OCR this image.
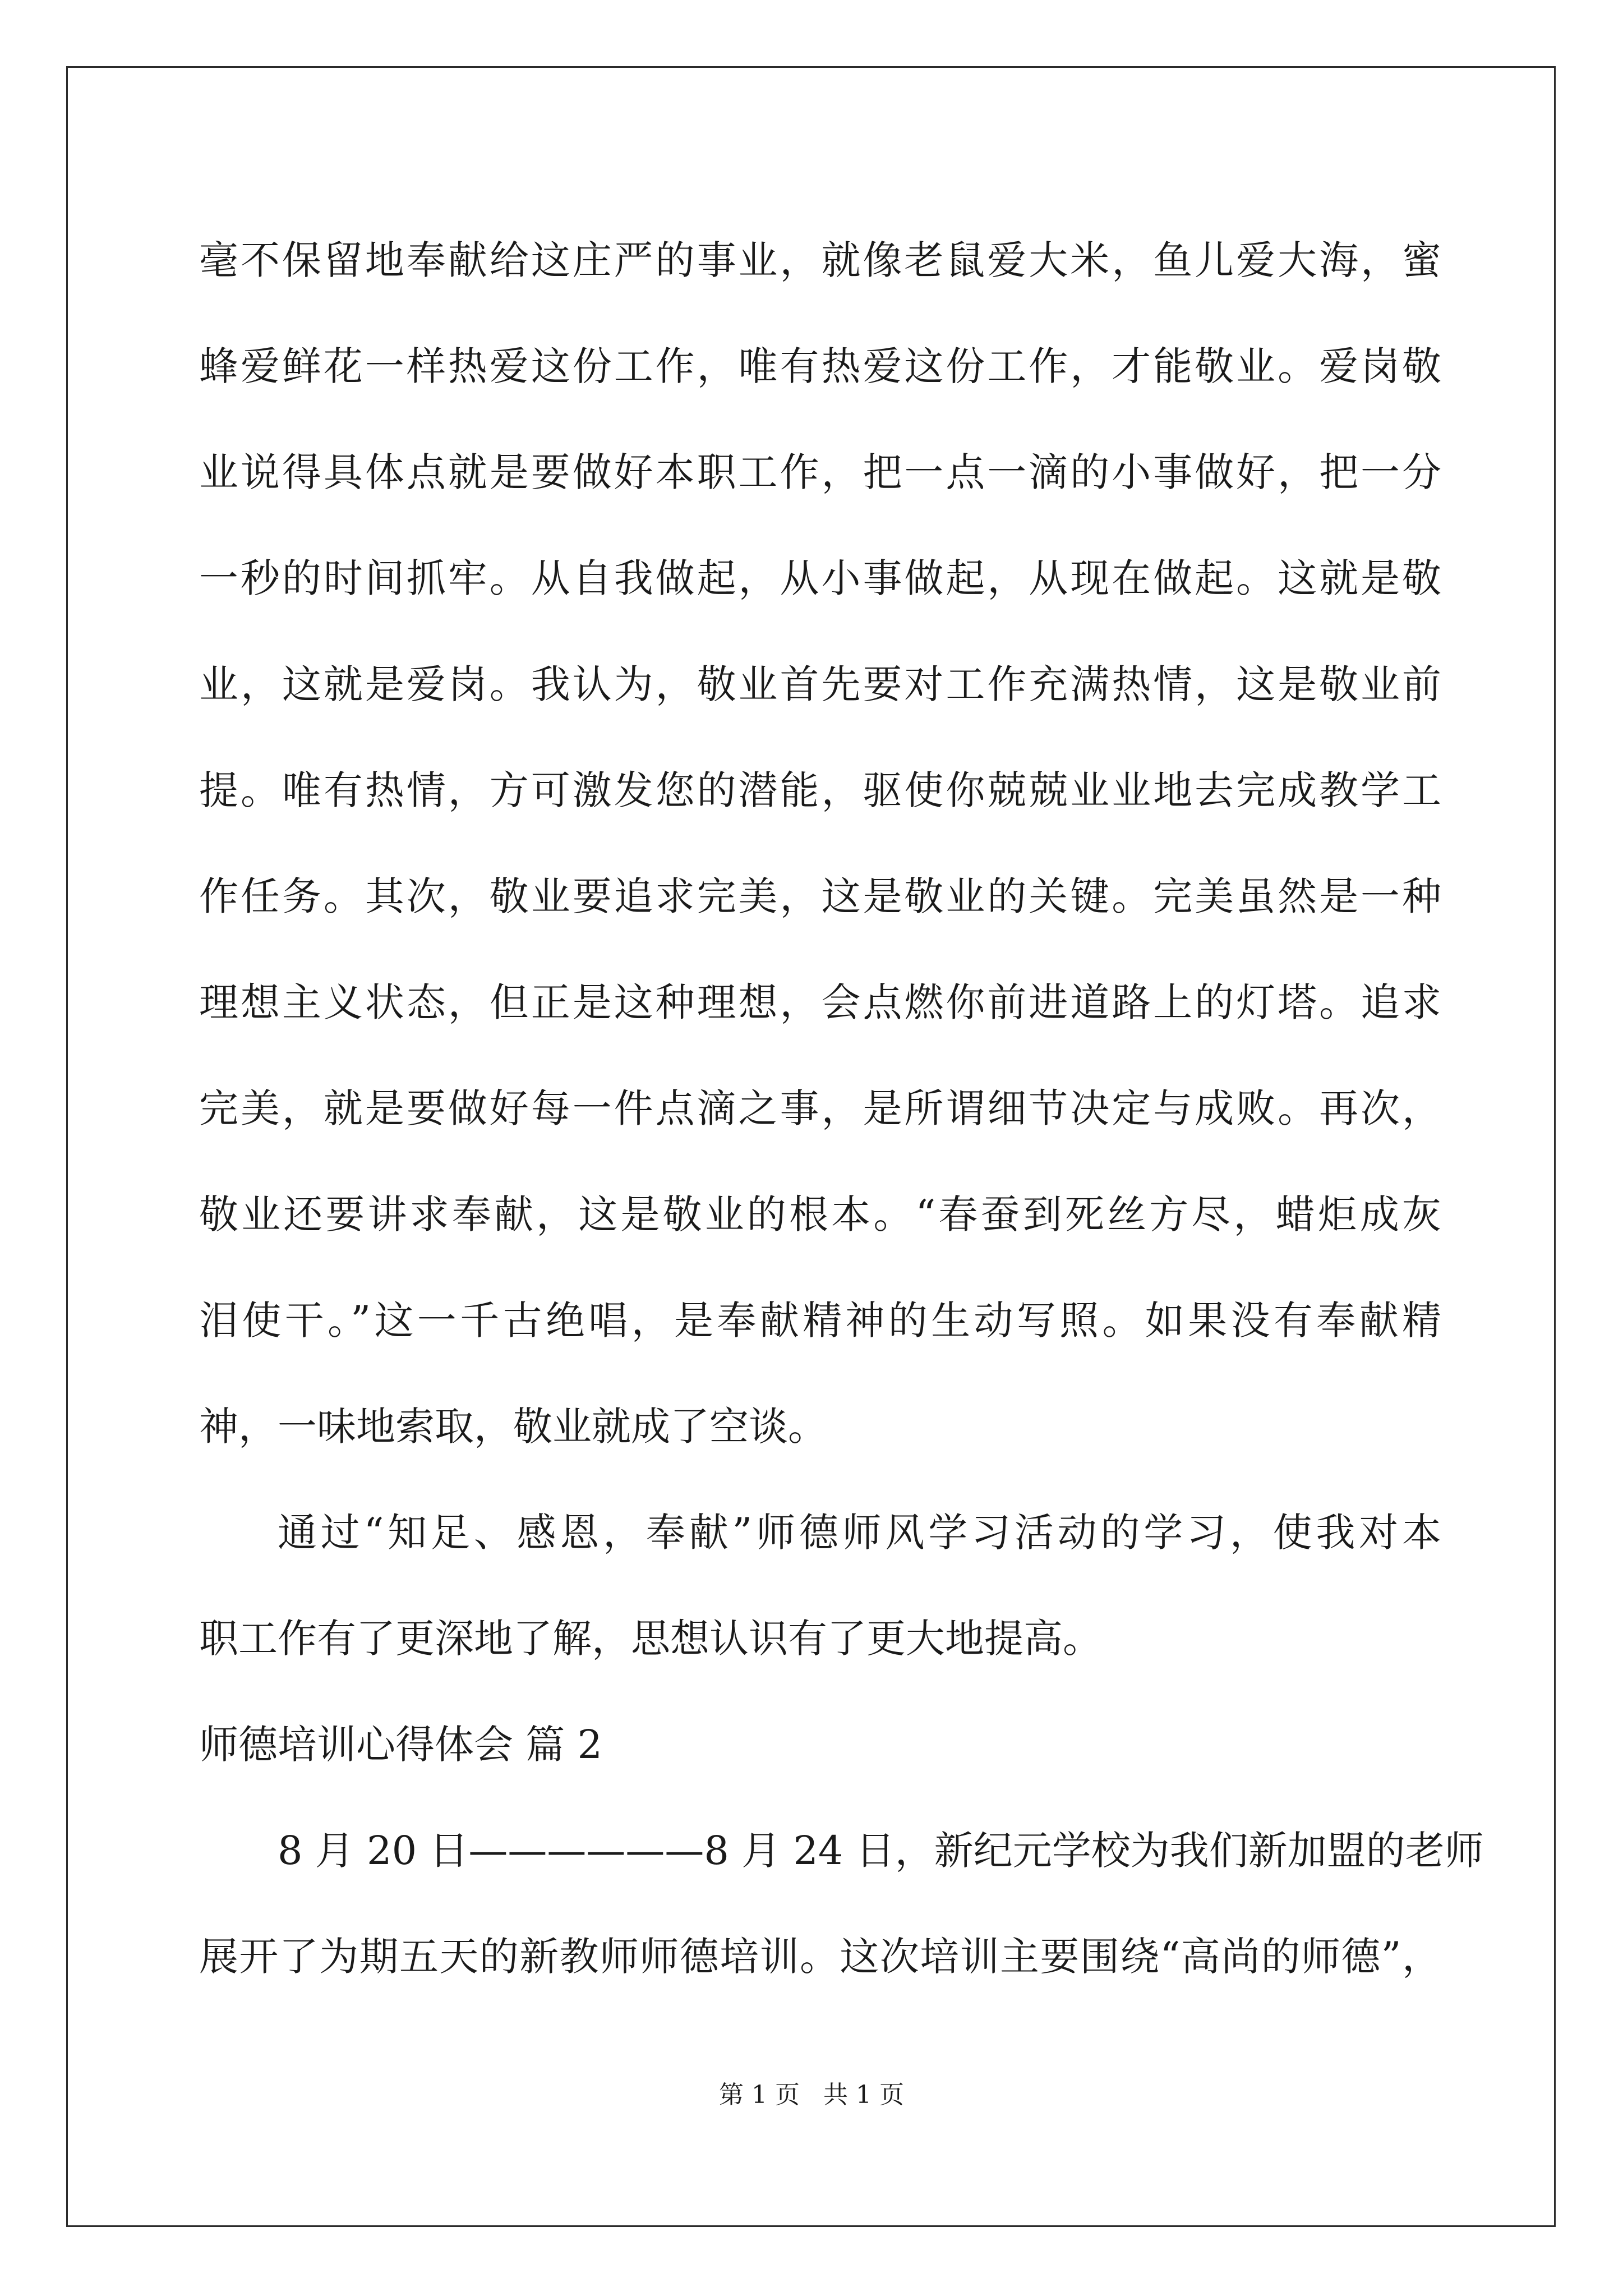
毫不保留地奉献给这庄严的事业，就像老鼠爱大米，鱼儿爱大海，蜜
蜂爱鲜花一样热爱这份工作，唯有热爱这份工作，才能敬业。爱岗敬
业说得具体点就是要做好本职工作，把一点一滴的小事做好，把一分
一秒的时间抓牢。从自我做起，从小事做起，从现在做起。这就是敬
业，这就是爱岗。我认为，敬业首先要对工作充满热情，这是敬业前
提。唯有热情，方可激发您的潜能，驱使你兢兢业业地去完成教学工
作任务。其次，敬业要追求完美，这是敬业的关键。完美虽然是一种
理想主义状态，但正是这种理想，会点燃你前进道路上的灯塔。追求
完美，就是要做好每一件点滴之事，是所谓细节决定与成败。再次，
敬业还要讲求奉献，这是敬业的根本。“春蚕到死丝方尽，蜡炬成灰
泪使干。”这一千古绝唱，是奉献精神的生动写照。如果没有奉献精
神，一味地索取，敬业就成了空谈。
通过“知足、感恩，奉献”师德师风学习活动的学习，使我对本
职工作有了更深地了解，思想认识有了更大地提高。
师德培训心得体会 篇 2
8 月 20 日——————8 月 24 日，新纪元学校为我们新加盟的老师
展开了为期五天的新教师师德培训。这次培训主要围绕“高尚的师德”，
第 1 页 共 1 页
